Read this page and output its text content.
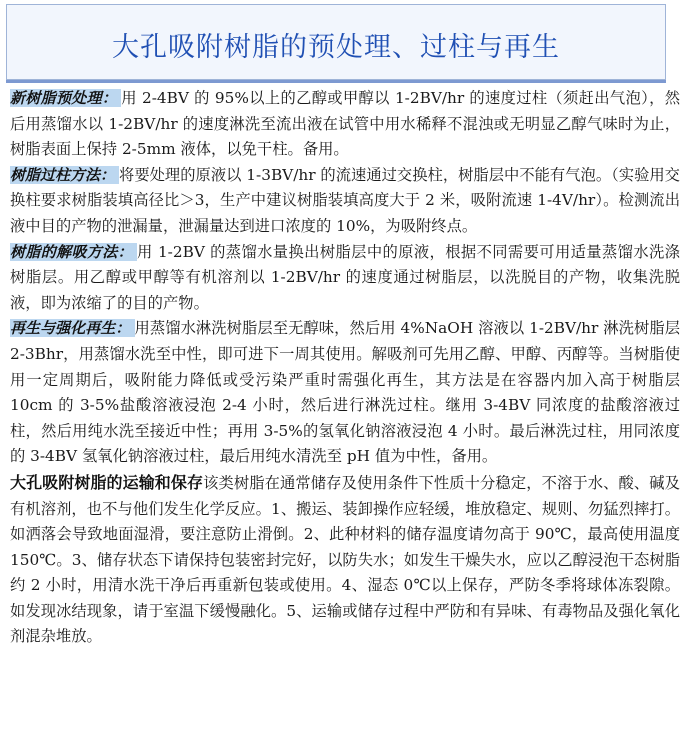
大孔吸附树脂的预处理、过柱与再生

新树脂预处理： 用 2-4BV 的 95%以上的乙醇或甲醇以 1-2BV/hr 的速度过柱（须赶出气泡），然后用蒸馏水以 1-2BV/hr 的速度淋洗至流出液在试管中用水稀释不混浊或无明显乙醇气味时为止，树脂表面上保持 2-5mm 液体，以免干柱。备用。

树脂过柱方法： 将要处理的原液以 1-3BV/hr 的流速通过交换柱，树脂层中不能有气泡。（实验用交换柱要求树脂装填高径比＞3，生产中建议树脂装填高度大于 2 米，吸附流速 1-4V/hr）。检测流出液中目的产物的泄漏量，泄漏量达到进口浓度的 10%，为吸附终点。

树脂的解吸方法： 用 1-2BV 的蒸馏水量换出树脂层中的原液，根据不同需要可用适量蒸馏水洗涤树脂层。用乙醇或甲醇等有机溶剂以 1-2BV/hr 的速度通过树脂层，以洗脱目的产物，收集洗脱液，即为浓缩了的目的产物。

再生与强化再生： 用蒸馏水淋洗树脂层至无醇味，然后用 4%NaOH 溶液以 1-2BV/hr 淋洗树脂层 2-3Bhr，用蒸馏水洗至中性，即可进下一周其使用。解吸剂可先用乙醇、甲醇、丙醇等。当树脂使用一定周期后，吸附能力降低或受污染严重时需强化再生，其方法是在容器内加入高于树脂层 10cm 的 3-5%盐酸溶液浸泡 2-4 小时，然后进行淋洗过柱。继用 3-4BV 同浓度的盐酸溶液过柱，然后用纯水洗至接近中性；再用 3-5%的氢氧化钠溶液浸泡 4 小时。最后淋洗过柱，用同浓度的 3-4BV 氢氧化钠溶液过柱，最后用纯水清洗至 pH 值为中性，备用。

大孔吸附树脂的运输和保存该类树脂在通常储存及使用条件下性质十分稳定，不溶于水、酸、碱及有机溶剂，也不与他们发生化学反应。1、搬运、装卸操作应轻缓，堆放稳定、规则、勿猛烈摔打。如洒落会导致地面湿滑，要注意防止滑倒。2、此种材料的储存温度请勿高于 90℃，最高使用温度 150℃。3、储存状态下请保持包装密封完好，以防失水；如发生干燥失水，应以乙醇浸泡干态树脂约 2 小时，用清水洗干净后再重新包装或使用。4、湿态 0℃以上保存，严防冬季将球体冻裂隙。如发现冰结现象，请于室温下缓慢融化。5、运输或储存过程中严防和有异味、有毒物品及强化氧化剂混杂堆放。
